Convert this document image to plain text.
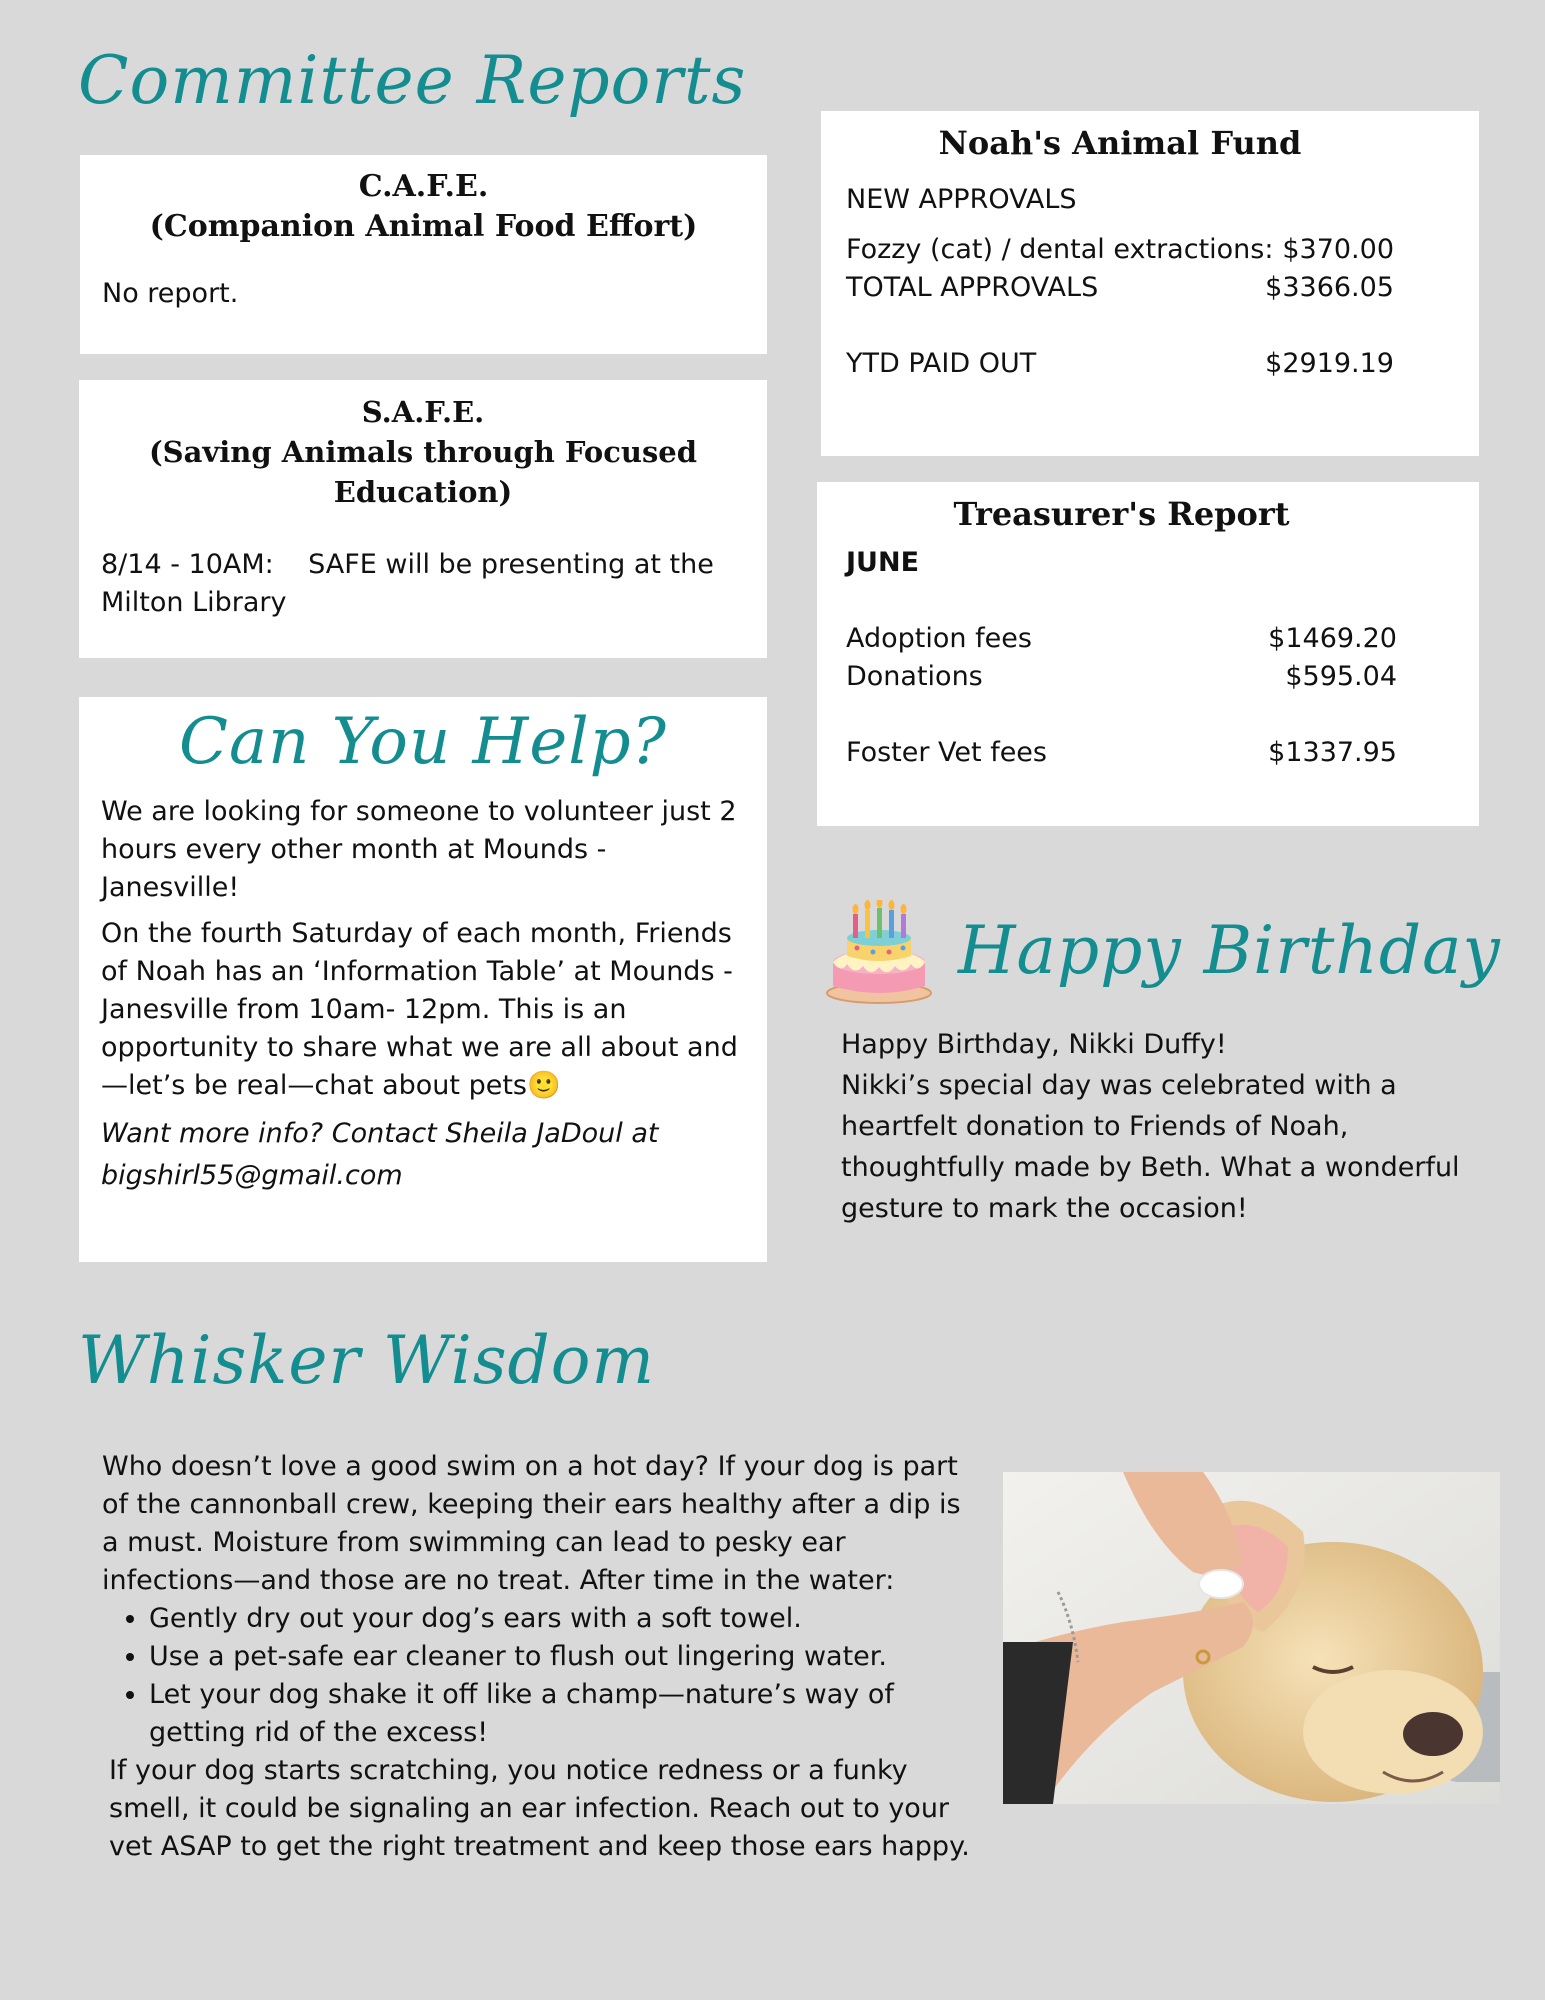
Committee Reports

C.A.F.E.
(Companion Animal Food Effort)

No report.

S.A.F.E.
(Saving Animals through Focused Education)

8/14 - 10AM:    SAFE will be presenting at the Milton Library

Can You Help?

We are looking for someone to volunteer just 2 hours every other month at Mounds - Janesville!

On the fourth Saturday of each month, Friends of Noah has an ‘Information Table’ at Mounds - Janesville from 10am- 12pm. This is an opportunity to share what we are all about and—let’s be real—chat about pets🙂

Want more info? Contact Sheila JaDoul at bigshirl55@gmail.com

Noah's Animal Fund

NEW APPROVALS

Fozzy (cat) / dental extractions: $370.00
TOTAL APPROVALS	$3366.05
YTD PAID OUT	$2919.19

Treasurer's Report

JUNE

Adoption fees	$1469.20
Donations	$595.04
Foster Vet fees	$1337.95
Happy Birthday

Happy Birthday, Nikki Duffy!

Nikki’s special day was celebrated with a heartfelt donation to Friends of Noah, thoughtfully made by Beth. What a wonderful gesture to mark the occasion!

Whisker Wisdom

Who doesn’t love a good swim on a hot day? If your dog is part of the cannonball crew, keeping their ears healthy after a dip is a must. Moisture from swimming can lead to pesky ear infections—and those are no treat. After time in the water:

• Gently dry out your dog’s ears with a soft towel.
• Use a pet-safe ear cleaner to flush out lingering water.
• Let your dog shake it off like a champ—nature’s way of getting rid of the excess!

If your dog starts scratching, you notice redness or a funky smell, it could be signaling an ear infection. Reach out to your vet ASAP to get the right treatment and keep those ears happy.
